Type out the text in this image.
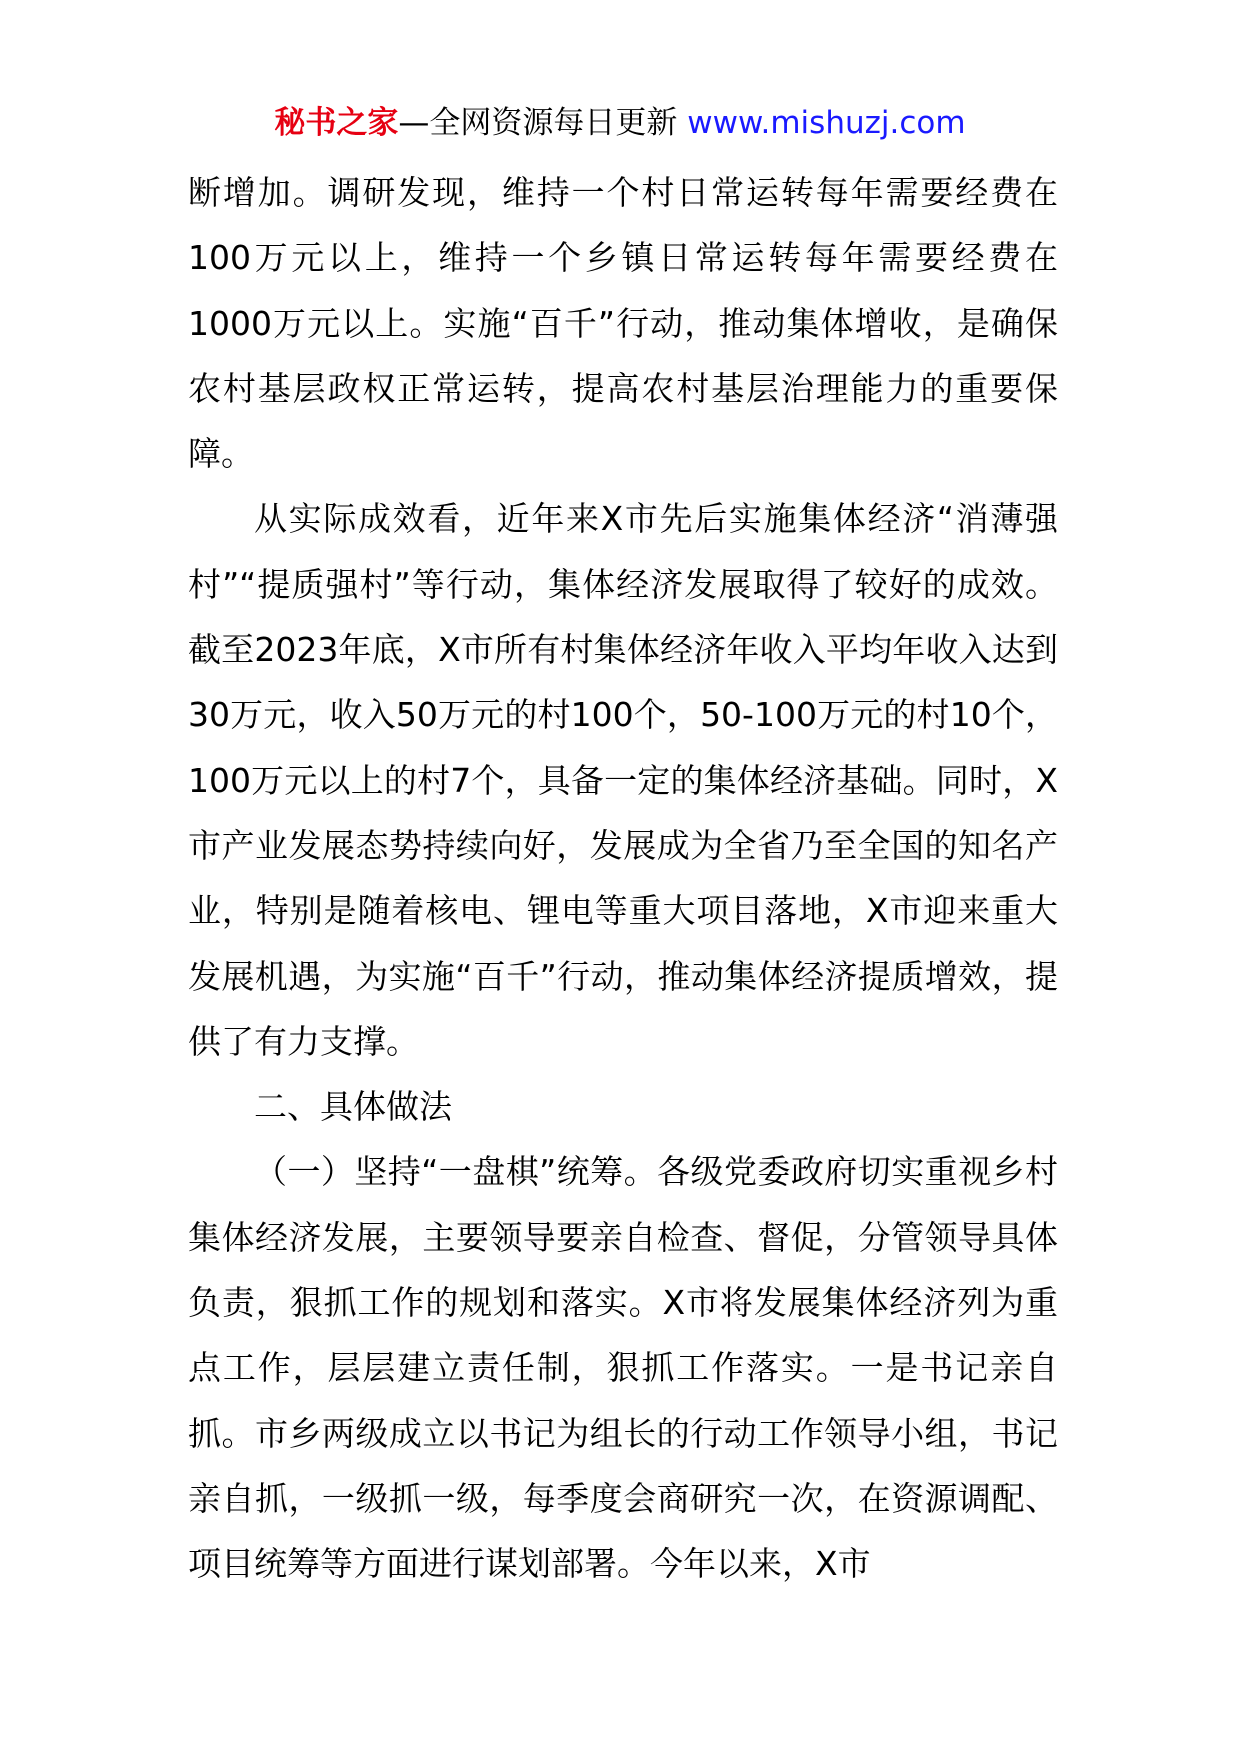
秘书之家—全网资源每日更新 www.mishuzj.com

断增加。调研发现，维持一个村日常运转每年需要经费在100万元以上，维持一个乡镇日常运转每年需要经费在1000万元以上。实施“百千”行动，推动集体增收，是确保农村基层政权正常运转，提高农村基层治理能力的重要保障。

从实际成效看，近年来X市先后实施集体经济“消薄强村”“提质强村”等行动，集体经济发展取得了较好的成效。截至2023年底，X市所有村集体经济年收入平均年收入达到30万元，收入50万元的村100个，50-100万元的村10个，100万元以上的村7个，具备一定的集体经济基础。同时，X市产业发展态势持续向好，发展成为全省乃至全国的知名产业，特别是随着核电、锂电等重大项目落地，X市迎来重大发展机遇，为实施“百千”行动，推动集体经济提质增效，提供了有力支撑。

二、具体做法

（一）坚持“一盘棋”统筹。各级党委政府切实重视乡村集体经济发展，主要领导要亲自检查、督促，分管领导具体负责，狠抓工作的规划和落实。X市将发展集体经济列为重点工作，层层建立责任制，狠抓工作落实。一是书记亲自抓。市乡两级成立以书记为组长的行动工作领导小组，书记亲自抓，一级抓一级，每季度会商研究一次，在资源调配、项目统筹等方面进行谋划部署。今年以来，X市
